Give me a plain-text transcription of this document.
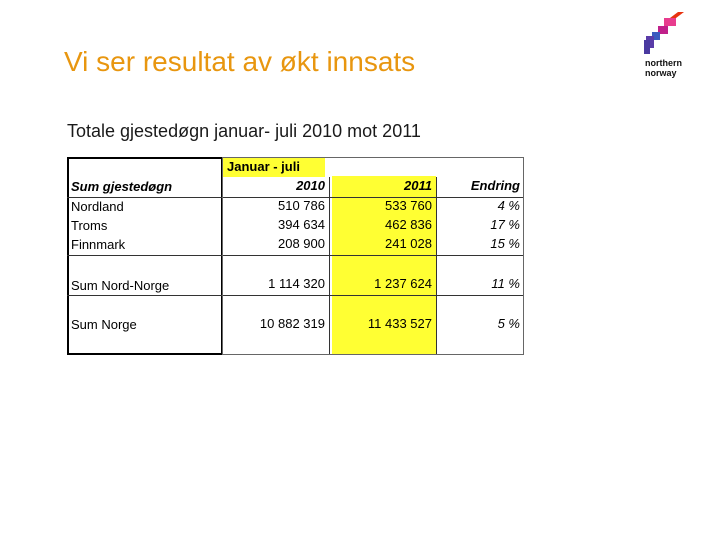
Vi ser resultat av økt innsats	northern
norway
Totale gjestedøgn januar- juli 2010 mot 2011
Januar - juli
Sum gjestedøgn	2010	2011	Endring
Nordland	510 786	533 760	4 %
Troms	394 634	462 836	17 %
Finnmark	208 900	241 028	15 %
Sum Nord-Norge	1 114 320	1 237 624	11 %
Sum Norge	10 882 319	11 433 527	5 %
